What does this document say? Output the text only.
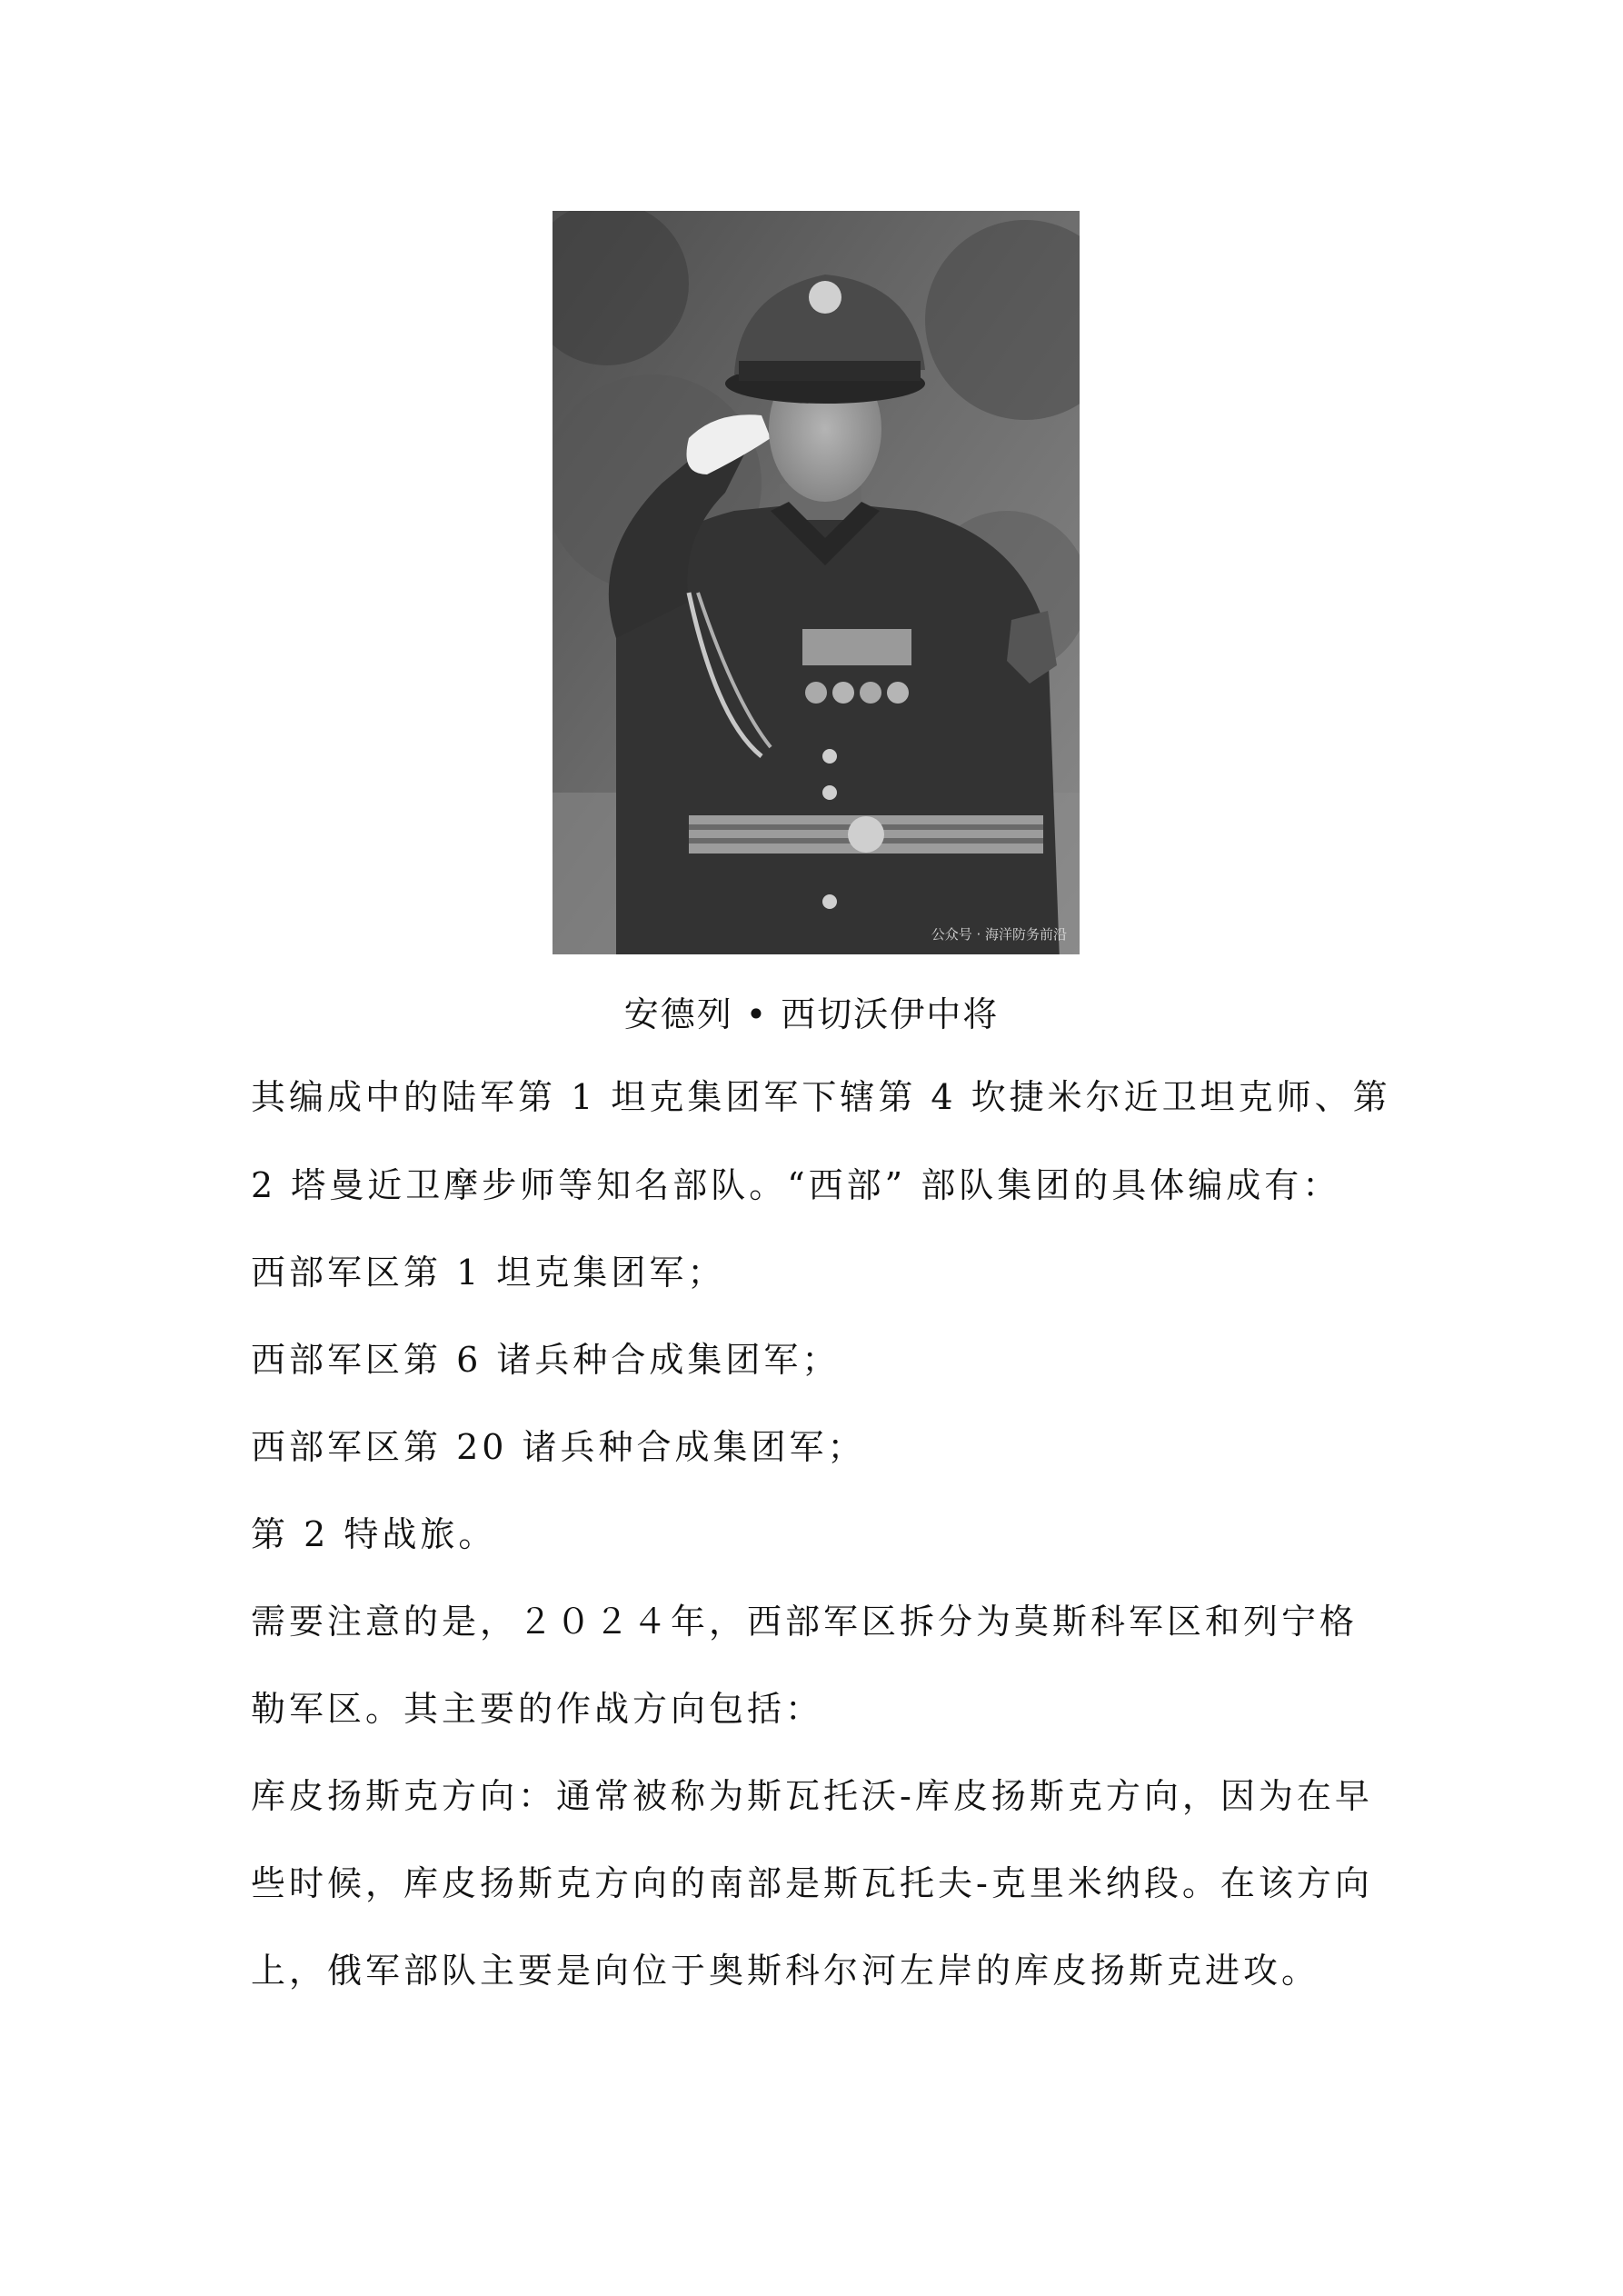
公众号 · 海洋防务前沿
安德列 • 西切沃伊中将

其编成中的陆军第 1 坦克集团军下辖第 4 坎捷米尔近卫坦克师、第

2 塔曼近卫摩步师等知名部队。“西部” 部队集团的具体编成有：

西部军区第 1 坦克集团军；

西部军区第 6 诸兵种合成集团军；

西部军区第 20 诸兵种合成集团军；

第 2 特战旅。

需要注意的是，２０２４年，西部军区拆分为莫斯科军区和列宁格

勒军区。其主要的作战方向包括：

库皮扬斯克方向：通常被称为斯瓦托沃-库皮扬斯克方向，因为在早

些时候，库皮扬斯克方向的南部是斯瓦托夫-克里米纳段。在该方向

上，俄军部队主要是向位于奥斯科尔河左岸的库皮扬斯克进攻。
